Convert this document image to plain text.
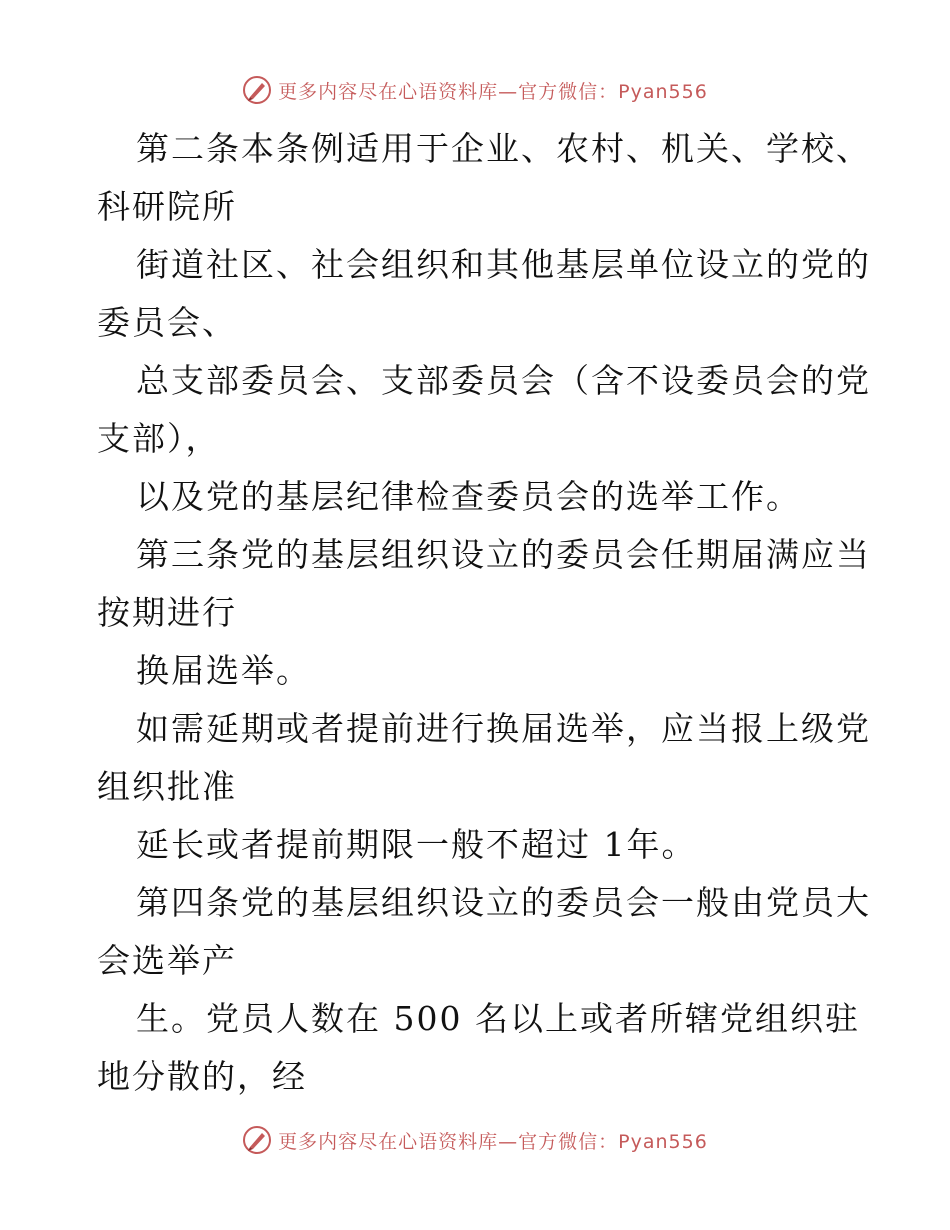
更多内容尽在心语资料库—官方微信：Pyan556

第二条本条例适用于企业、农村、机关、学校、

科研院所

街道社区、社会组织和其他基层单位设立的党的

委员会、

总支部委员会、支部委员会（含不设委员会的党

支部），

以及党的基层纪律检查委员会的选举工作。

第三条党的基层组织设立的委员会任期届满应当

按期进行

换届选举。

如需延期或者提前进行换届选举，应当报上级党

组织批准

延长或者提前期限一般不超过 1年。

第四条党的基层组织设立的委员会一般由党员大

会选举产

生。党员人数在 500 名以上或者所辖党组织驻

地分散的，经

更多内容尽在心语资料库—官方微信：Pyan556
